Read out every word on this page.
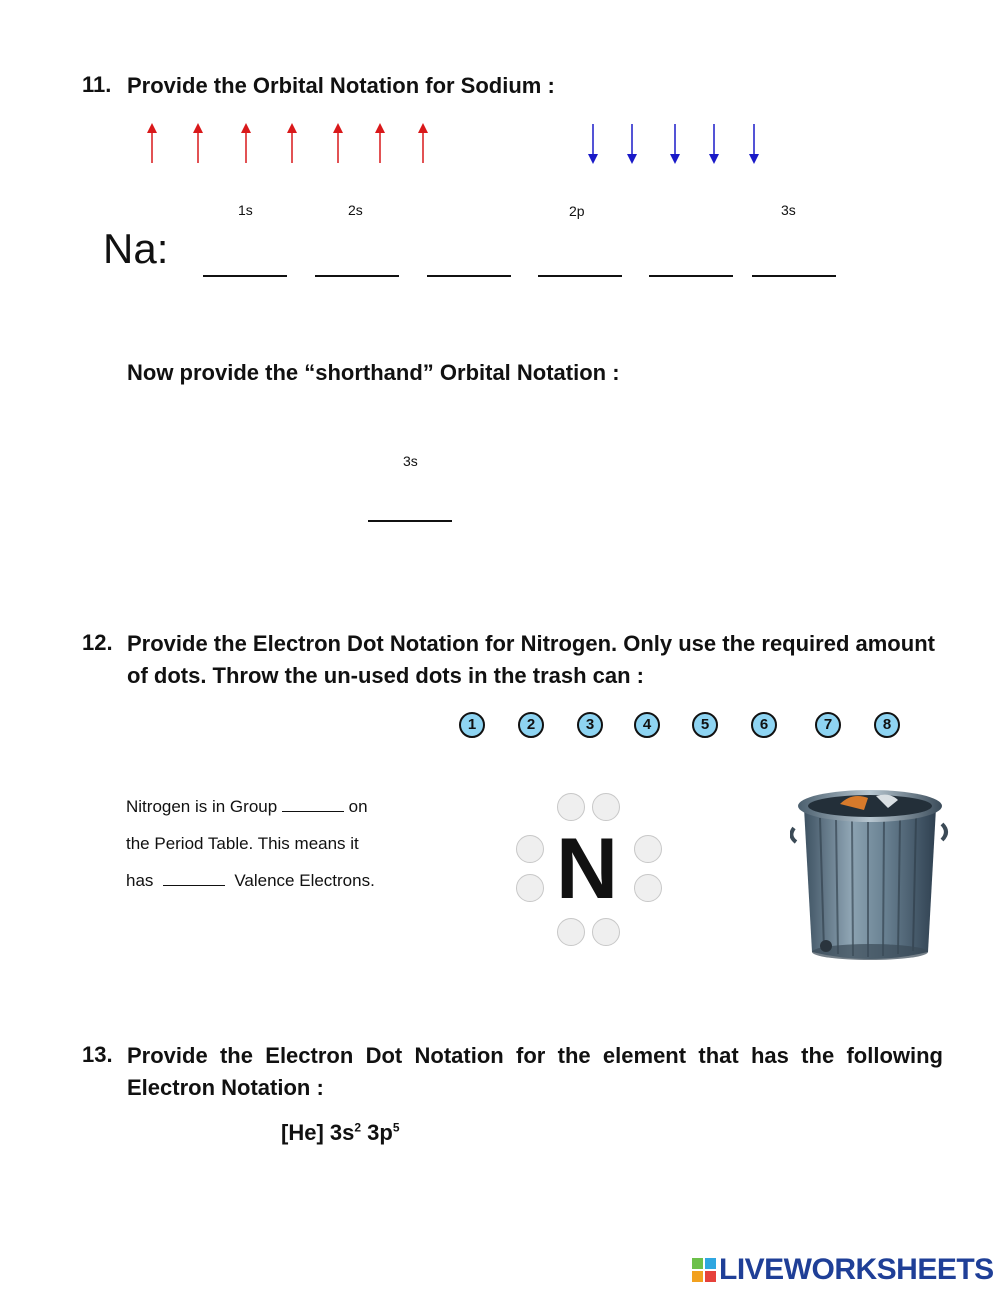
11. Provide the Orbital Notation for Sodium :
1s	2s	2p	3s
Na:
Now provide the “shorthand” Orbital Notation :
3s
12. Provide the Electron Dot Notation for Nitrogen. Only use the required amount of dots. Throw the un-used dots in the trash can :
1	2	3	4	5	6	7	8
Nitrogen is in Group	on
the Period Table. This means it
has	Valence Electrons.	N
13. Provide the Electron Dot Notation for the element that has the following Electron Notation :
[He] $3s^2$ $3p^5$
LIVEWORKSHEETS
